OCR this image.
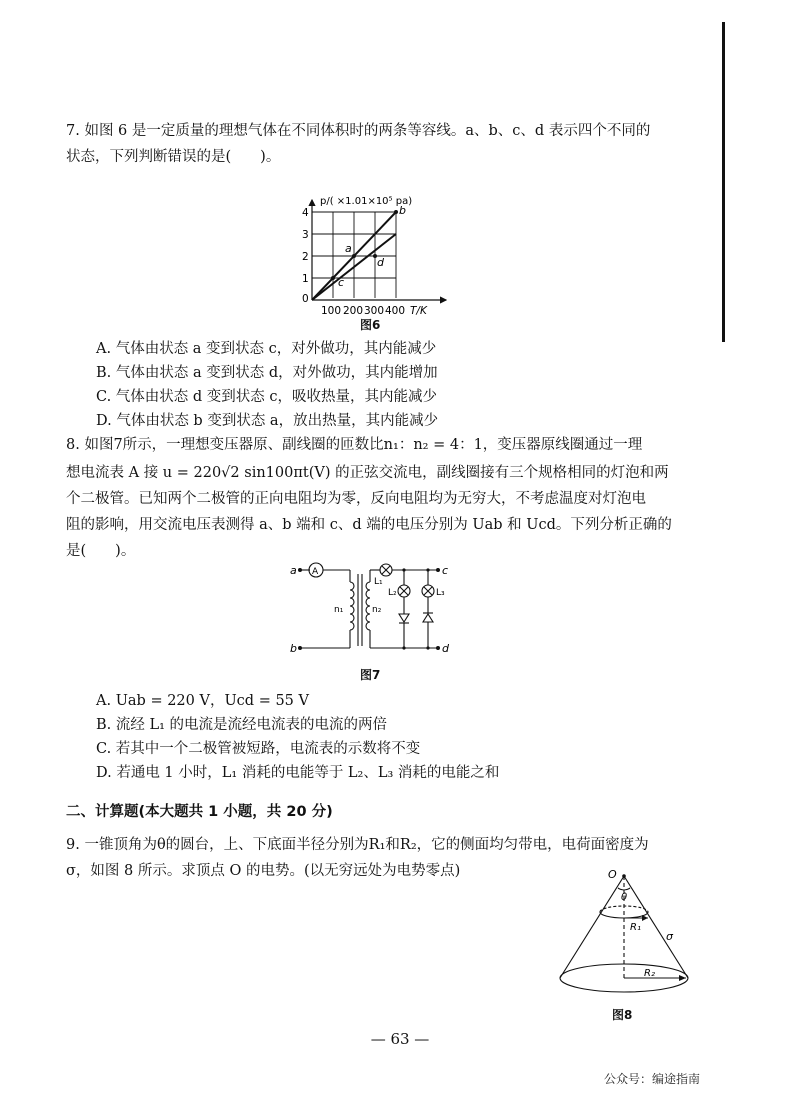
7. 如图 6 是一定质量的理想气体在不同体积时的两条等容线。a、b、c、d 表示四个不同的
状态，下列判断错误的是(　　)。
a
b
c
d
1
2
3
4
0
100 200 300 400 T/K
p/( ×1.01×10⁵ pa)
图6
A. 气体由状态 a 变到状态 c，对外做功，其内能减少
B. 气体由状态 a 变到状态 d，对外做功，其内能增加
C. 气体由状态 d 变到状态 c，吸收热量，其内能减少
D. 气体由状态 b 变到状态 a，放出热量，其内能减少
8. 如图7所示，一理想变压器原、副线圈的匝数比n₁：n₂ = 4：1，变压器原线圈通过一理
想电流表 A 接 u = 220√2 sin100πt(V) 的正弦交流电，副线圈接有三个规格相同的灯泡和两
个二极管。已知两个二极管的正向电阻均为零，反向电阻均为无穷大，不考虑温度对灯泡电
阻的影响，用交流电压表测得 a、b 端和 c、d 端的电压分别为 Uab 和 Ucd。下列分析正确的
是(　　)。
a
b
c
d
A
n₁	n₂
L₁
L₂	L₃
图7
A. Uab = 220 V，Ucd = 55 V
B. 流经 L₁ 的电流是流经电流表的电流的两倍
C. 若其中一个二极管被短路，电流表的示数将不变
D. 若通电 1 小时，L₁ 消耗的电能等于 L₂、L₃ 消耗的电能之和
二、计算题(本大题共 1 小题，共 20 分)
9. 一锥顶角为θ的圆台，上、下底面半径分别为R₁和R₂，它的侧面均匀带电，电荷面密度为
σ，如图 8 所示。求顶点 O 的电势。(以无穷远处为电势零点)	O
θ
R₁
R₂
σ
图8
— 63 —
公众号：编途指南
